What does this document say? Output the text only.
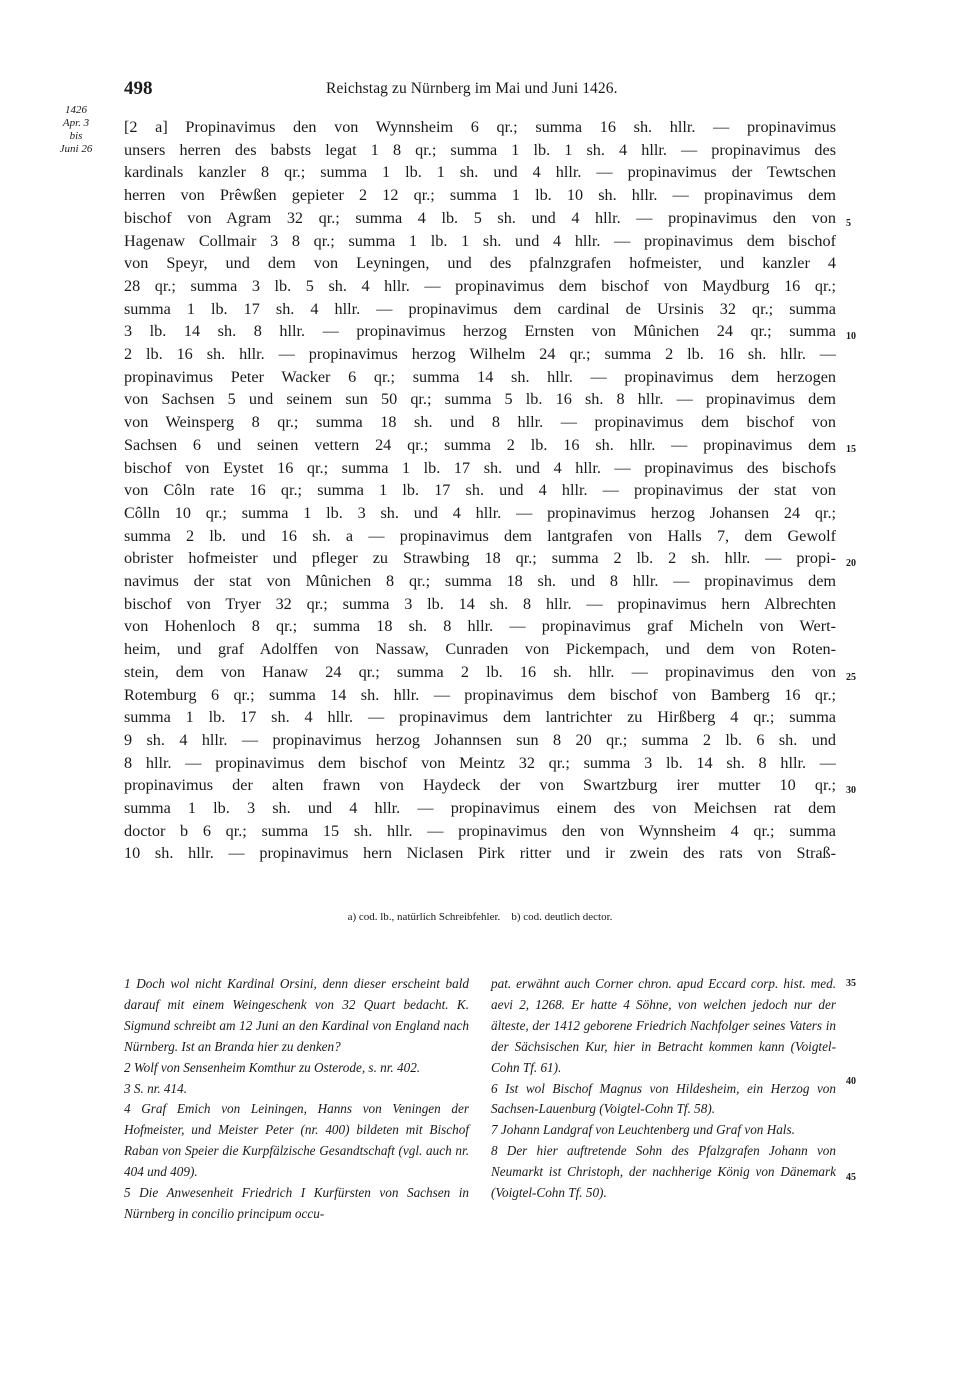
498	Reichstag zu Nürnberg im Mai und Juni 1426.
1426
Apr. 3
bis
Juni 26
[2 a] Propinavimus den von Wynnsheim 6 qr.; summa 16 sh. hllr. — propinavimus
unsers herren des babsts legat 1 8 qr.; summa 1 lb. 1 sh. 4 hllr. — propinavimus des
kardinals kanzler 8 qr.; summa 1 lb. 1 sh. und 4 hllr. — propinavimus der Tewtschen
herren von Prêwßen gepieter 2 12 qr.; summa 1 lb. 10 sh. hllr. — propinavimus dem
bischof von Agram 32 qr.; summa 4 lb. 5 sh. und 4 hllr. — propinavimus den von
Hagenaw Collmair 3 8 qr.; summa 1 lb. 1 sh. und 4 hllr. — propinavimus dem bischof
von Speyr, und dem von Leyningen, und des pfalnzgrafen hofmeister, und kanzler 4
28 qr.; summa 3 lb. 5 sh. 4 hllr. — propinavimus dem bischof von Maydburg 16 qr.;
summa 1 lb. 17 sh. 4 hllr. — propinavimus dem cardinal de Ursinis 32 qr.; summa
3 lb. 14 sh. 8 hllr. — propinavimus herzog Ernsten von Mûnichen 24 qr.; summa
2 lb. 16 sh. hllr. — propinavimus herzog Wilhelm 24 qr.; summa 2 lb. 16 sh. hllr. —
propinavimus Peter Wacker 6 qr.; summa 14 sh. hllr. — propinavimus dem herzogen
von Sachsen 5 und seinem sun 50 qr.; summa 5 lb. 16 sh. 8 hllr. — propinavimus dem
von Weinsperg 8 qr.; summa 18 sh. und 8 hllr. — propinavimus dem bischof von
Sachsen 6 und seinen vettern 24 qr.; summa 2 lb. 16 sh. hllr. — propinavimus dem
bischof von Eystet 16 qr.; summa 1 lb. 17 sh. und 4 hllr. — propinavimus des bischofs
von Côln rate 16 qr.; summa 1 lb. 17 sh. und 4 hllr. — propinavimus der stat von
Côlln 10 qr.; summa 1 lb. 3 sh. und 4 hllr. — propinavimus herzog Johansen 24 qr.;
summa 2 lb. und 16 sh. a — propinavimus dem lantgrafen von Halls 7, dem Gewolf
obrister hofmeister und pfleger zu Strawbing 18 qr.; summa 2 lb. 2 sh. hllr. — propi-
navimus der stat von Mûnichen 8 qr.; summa 18 sh. und 8 hllr. — propinavimus dem
bischof von Tryer 32 qr.; summa 3 lb. 14 sh. 8 hllr. — propinavimus hern Albrechten
von Hohenloch 8 qr.; summa 18 sh. 8 hllr. — propinavimus graf Micheln von Wert-
heim, und graf Adolffen von Nassaw, Cunraden von Pickempach, und dem von Roten-
stein, dem von Hanaw 24 qr.; summa 2 lb. 16 sh. hllr. — propinavimus den von
Rotemburg 6 qr.; summa 14 sh. hllr. — propinavimus dem bischof von Bamberg 16 qr.;
summa 1 lb. 17 sh. 4 hllr. — propinavimus dem lantrichter zu Hirßberg 4 qr.; summa
9 sh. 4 hllr. — propinavimus herzog Johannsen sun 8 20 qr.; summa 2 lb. 6 sh. und
8 hllr. — propinavimus dem bischof von Meintz 32 qr.; summa 3 lb. 14 sh. 8 hllr. —
propinavimus der alten frawn von Haydeck der von Swartzburg irer mutter 10 qr.;
summa 1 lb. 3 sh. und 4 hllr. — propinavimus einem des von Meichsen rat dem
doctor b 6 qr.; summa 15 sh. hllr. — propinavimus den von Wynnsheim 4 qr.; summa
10 sh. hllr. — propinavimus hern Niclasen Pirk ritter und ir zwein des rats von Straß-
5
10
15
20
25
30
a) cod. lb., natürlich Schreibfehler. b) cod. deutlich dector.

1 Doch wol nicht Kardinal Orsini, denn dieser erscheint bald darauf mit einem Weingeschenk von 32 Quart bedacht. K. Sigmund schreibt am 12 Juni an den Kardinal von England nach Nürnberg. Ist an Branda hier zu denken?

2 Wolf von Sensenheim Komthur zu Osterode, s. nr. 402.

3 S. nr. 414.

4 Graf Emich von Leiningen, Hanns von Veningen der Hofmeister, und Meister Peter (nr. 400) bildeten mit Bischof Raban von Speier die Kurpfälzische Gesandtschaft (vgl. auch nr. 404 und 409).

5 Die Anwesenheit Friedrich I Kurfürsten von Sachsen in Nürnberg in concilio principum occu-

pat. erwähnt auch Corner chron. apud Eccard corp. hist. med. aevi 2, 1268. Er hatte 4 Söhne, von welchen jedoch nur der älteste, der 1412 geborene Friedrich Nachfolger seines Vaters in der Sächsischen Kur, hier in Betracht kommen kann (Voigtel-Cohn Tf. 61).

6 Ist wol Bischof Magnus von Hildesheim, ein Herzog von Sachsen-Lauenburg (Voigtel-Cohn Tf. 58).

7 Johann Landgraf von Leuchtenberg und Graf von Hals.

8 Der hier auftretende Sohn des Pfalzgrafen Johann von Neumarkt ist Christoph, der nachherige König von Dänemark (Voigtel-Cohn Tf. 50).

35
40
45
